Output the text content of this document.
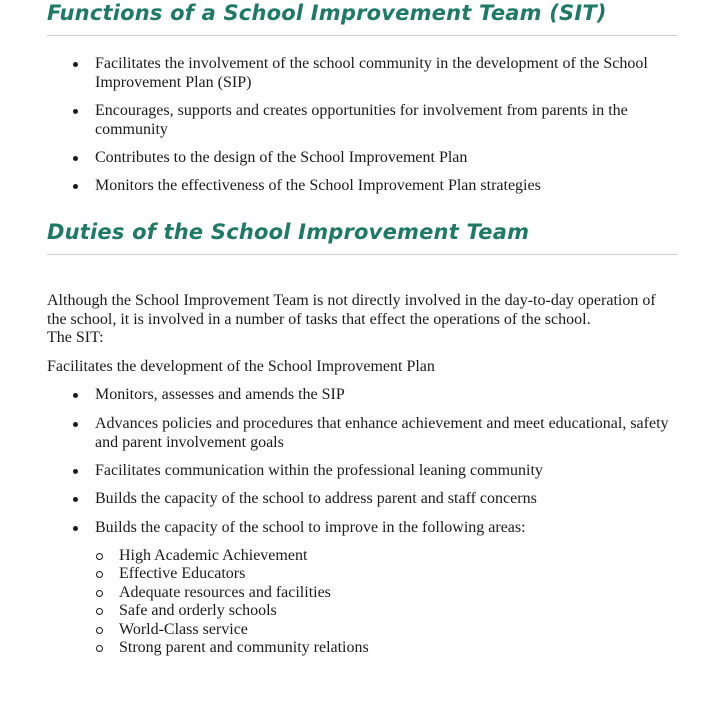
Functions of a School Improvement Team (SIT)
Facilitates the involvement of the school community in the development of the School Improvement Plan (SIP)
Encourages, supports and creates opportunities for involvement from parents in the community
Contributes to the design of the School Improvement Plan
Monitors the effectiveness of the School Improvement Plan strategies
Duties of the School Improvement Team

Although the School Improvement Team is not directly involved in the day-to-day operation of the school, it is involved in a number of tasks that effect the operations of the school.

The SIT:

Facilitates the development of the School Improvement Plan

Monitors, assesses and amends the SIP
Advances policies and procedures that enhance achievement and meet educational, safety and parent involvement goals
Facilitates communication within the professional leaning community
Builds the capacity of the school to address parent and staff concerns
Builds the capacity of the school to improve in the following areas:
High Academic Achievement
Effective Educators
Adequate resources and facilities
Safe and orderly schools
World-Class service
Strong parent and community relations
